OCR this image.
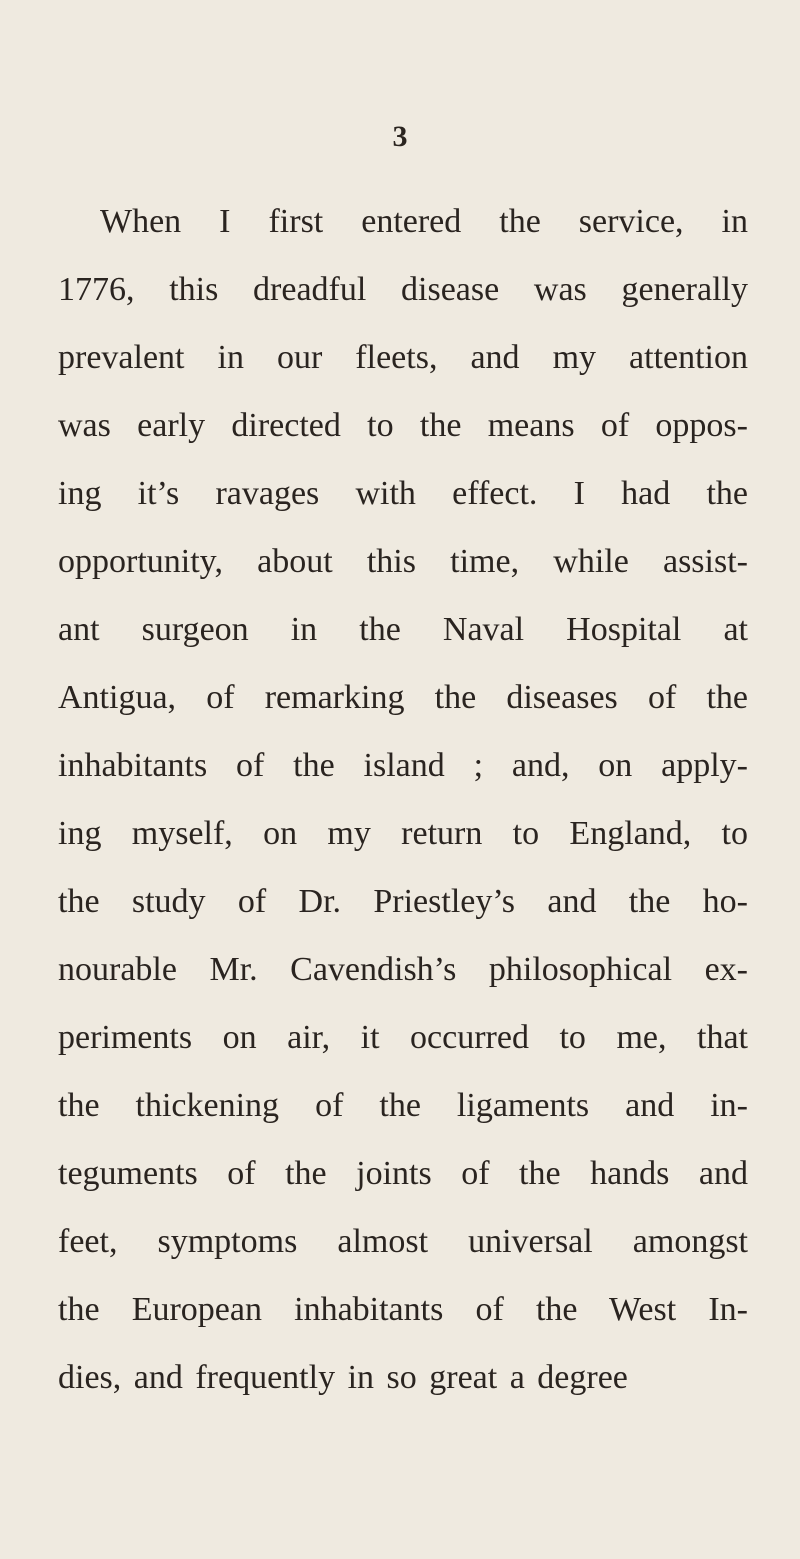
3
When I first entered the service, in
1776, this dreadful disease was generally
prevalent in our fleets, and my attention
was early directed to the means of oppos-
ing it’s ravages with effect. I had the
opportunity, about this time, while assist-
ant surgeon in the Naval Hospital at
Antigua, of remarking the diseases of the
inhabitants of the island ; and, on apply-
ing myself, on my return to England, to
the study of Dr. Priestley’s and the ho-
nourable Mr. Cavendish’s philosophical ex-
periments on air, it occurred to me, that
the thickening of the ligaments and in-
teguments of the joints of the hands and
feet, symptoms almost universal amongst
the European inhabitants of the West In-
dies, and frequently in so great a degree
